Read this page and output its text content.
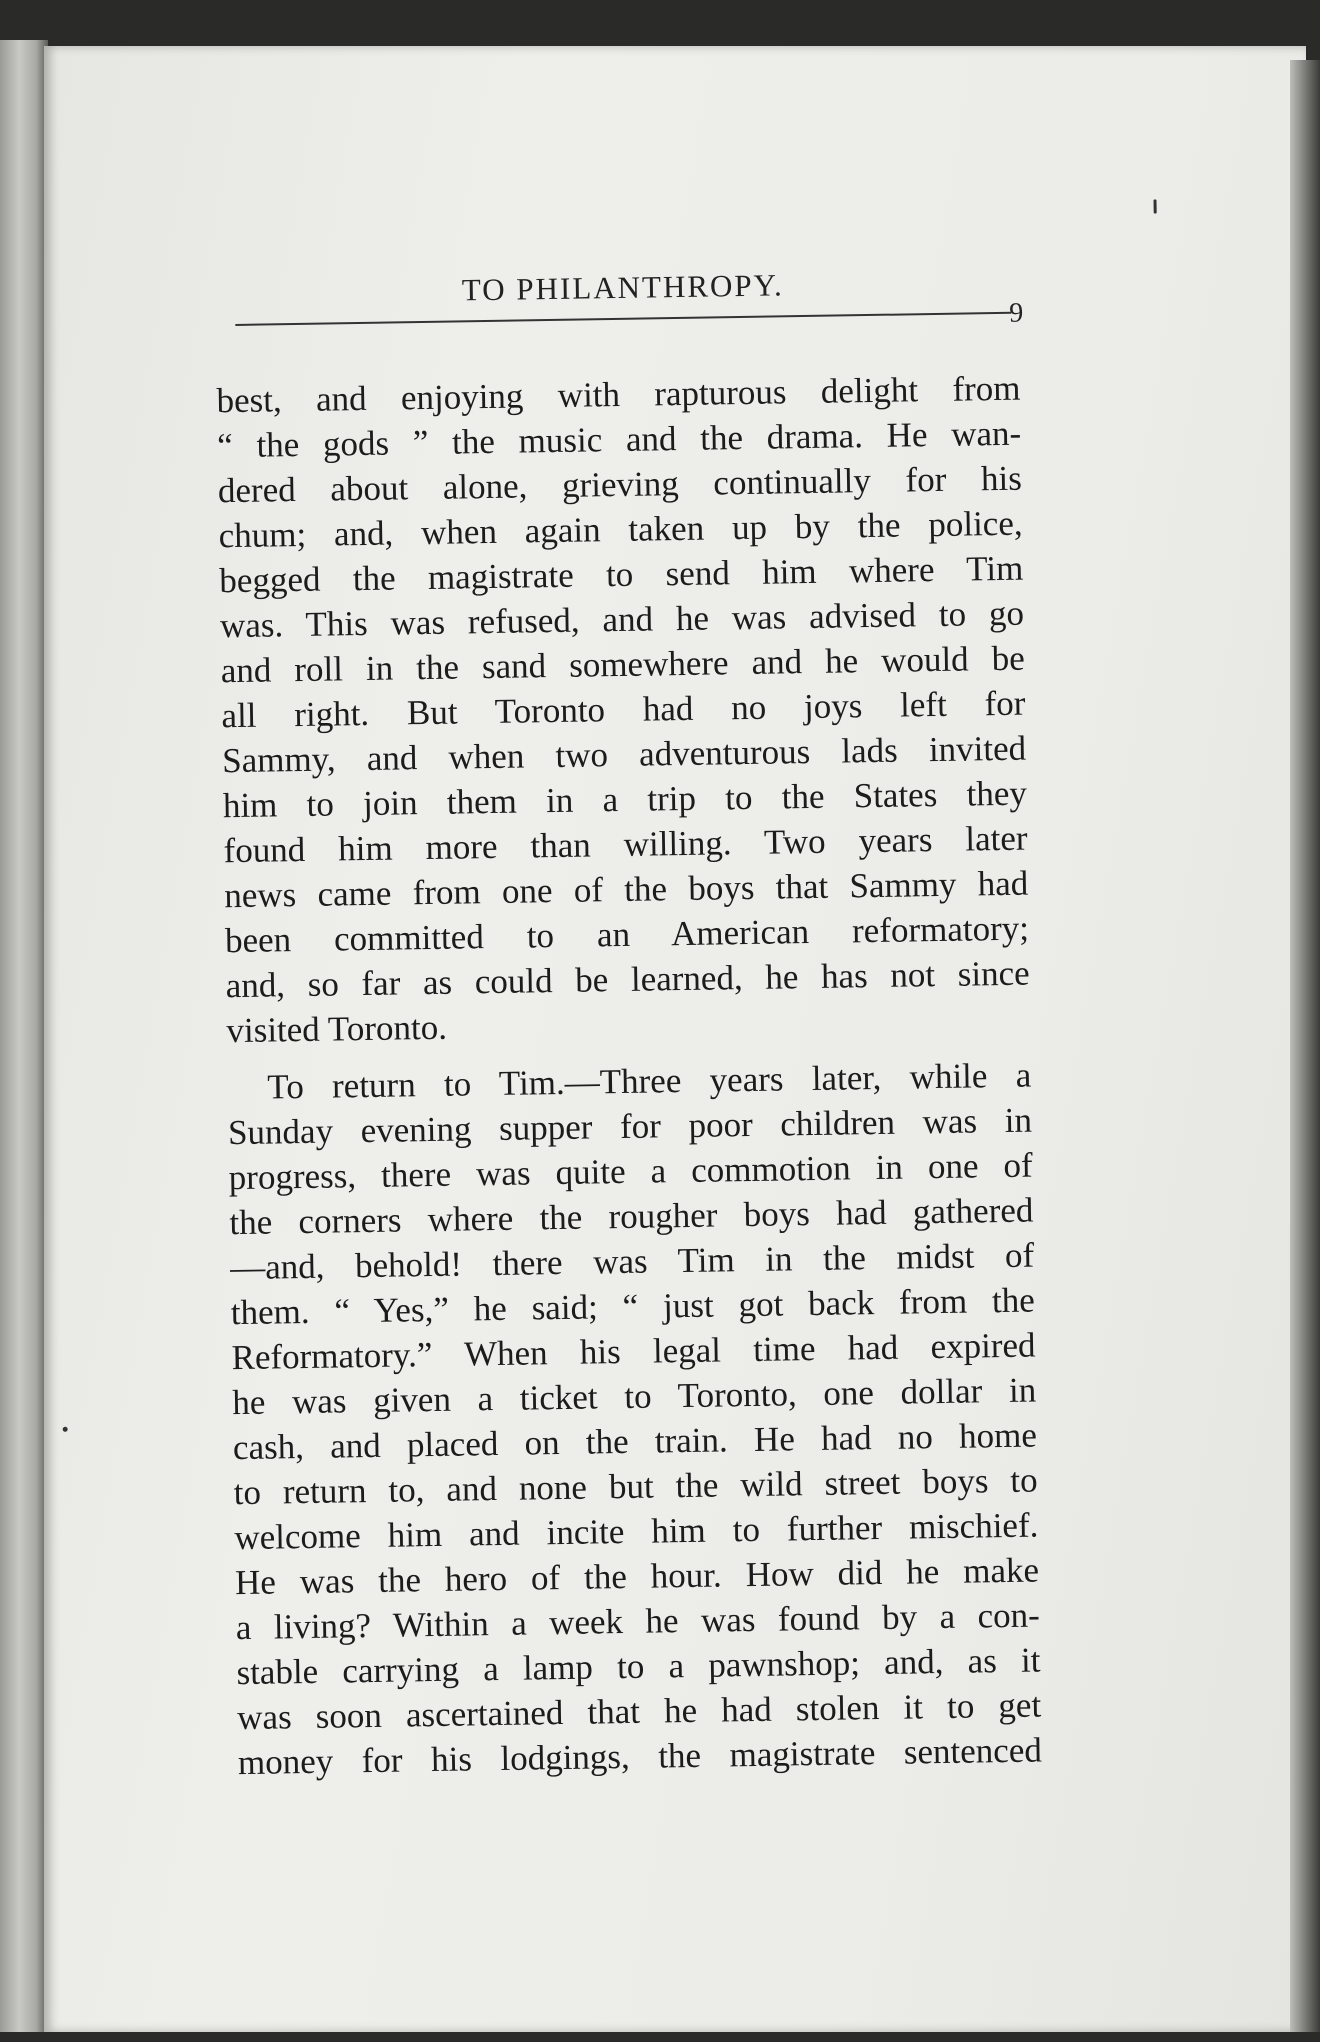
TO PHILANTHROPY.
9
best, and enjoying with rapturous delight from
“ the gods ” the music and the drama. He wan-
dered about alone, grieving continually for his
chum; and, when again taken up by the police,
begged the magistrate to send him where Tim
was. This was refused, and he was advised to go
and roll in the sand somewhere and he would be
all right. But Toronto had no joys left for
Sammy, and when two adventurous lads invited
him to join them in a trip to the States they
found him more than willing. Two years later
news came from one of the boys that Sammy had
been committed to an American reformatory;
and, so far as could be learned, he has not since
visited Toronto.
To return to Tim.—Three years later, while a
Sunday evening supper for poor children was in
progress, there was quite a commotion in one of
the corners where the rougher boys had gathered
—and, behold! there was Tim in the midst of
them. “ Yes,” he said; “ just got back from the
Reformatory.” When his legal time had expired
he was given a ticket to Toronto, one dollar in
cash, and placed on the train. He had no home
to return to, and none but the wild street boys to
welcome him and incite him to further mischief.
He was the hero of the hour. How did he make
a living? Within a week he was found by a con-
stable carrying a lamp to a pawnshop; and, as it
was soon ascertained that he had stolen it to get
money for his lodgings, the magistrate sentenced
